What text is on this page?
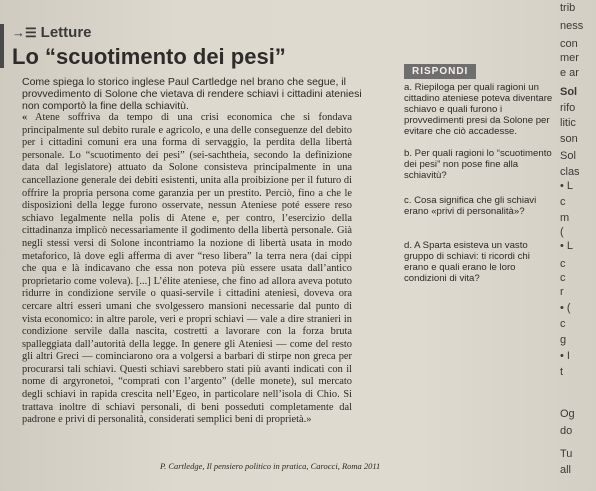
→☰ Letture
Lo “scuotimento dei pesi”
Come spiega lo storico inglese Paul Cartledge nel brano che segue, il provvedimento di Solone che vietava di rendere schiavi i cittadini ateniesi non comportò la fine della schiavitù.
« Atene soffriva da tempo di una crisi economica che si fondava principalmente sul debito rurale e agricolo, e una delle conseguenze del debito per i cittadini comuni era una forma di servaggio, la perdita della libertà personale. Lo “scuotimento dei pesi” (sei-sachtheia, secondo la definizione data dal legislatore) attuato da Solone consisteva principalmente in una cancellazione generale dei debiti esistenti, unita alla proibizione per il futuro di offrire la propria persona come garanzia per un prestito. Perciò, fino a che le disposizioni della legge furono osservate, nessun Ateniese poté essere reso schiavo legalmente nella polis di Atene e, per contro, l’esercizio della cittadinanza implicò necessariamente il godimento della libertà personale. Già negli stessi versi di Solone incontriamo la nozione di libertà usata in modo metaforico, là dove egli afferma di aver “reso libera” la terra nera (dai cippi che qua e là indicavano che essa non poteva più essere usata dall’antico proprietario come voleva). [...] L’élite ateniese, che fino ad allora aveva potuto ridurre in condizione servile o quasi-servile i cittadini ateniesi, doveva ora cercare altri esseri umani che svolgessero mansioni necessarie dal punto di vista economico: in altre parole, veri e propri schiavi — vale a dire stranieri in condizione servile dalla nascita, costretti a lavorare con la forza bruta spalleggiata dall’autorità della legge. In genere gli Ateniesi — come del resto gli altri Greci — cominciarono ora a volgersi a barbari di stirpe non greca per procurarsi tali schiavi. Questi schiavi sarebbero stati più avanti indicati con il nome di argyronetoi, “comprati con l’argento” (delle monete), sul mercato degli schiavi in rapida crescita nell’Egeo, in particolare nell’isola di Chio. Si trattava inoltre di schiavi personali, di beni posseduti completamente dal padrone e privi di personalità, considerati semplici beni di proprietà.»
P. Cartledge, Il pensiero politico in pratica, Carocci, Roma 2011
RISPONDI
a. Riepiloga per quali ragioni un cittadino ateniese poteva diventare schiavo e quali furono i provvedimenti presi da Solone per evitare che ciò accadesse.
b. Per quali ragioni lo “scuotimento dei pesi” non pose fine alla schiavitù?
c. Cosa significa che gli schiavi erano «privi di personalità»?
d. A Sparta esisteva un vasto gruppo di schiavi: ti ricordi chi erano e quali erano le loro condizioni di vita?
trib
ness
con
mer
e ar
Sol
rifo
litic
son
Sol
clas
• L
c
m
(
• L
c
c
r
• (
c
g
• I
t
Og
do
Tu
all
